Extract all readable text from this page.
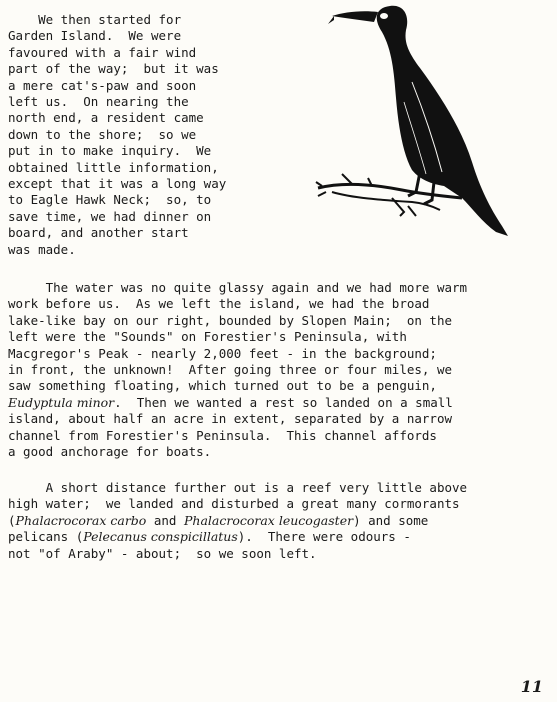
We then started for
Garden Island.  We were
favoured with a fair wind
part of the way;  but it was
a mere cat's-paw and soon
left us.  On nearing the
north end, a resident came
down to the shore;  so we
put in to make inquiry.  We
obtained little information,
except that it was a long way
to Eagle Hawk Neck;  so, to
save time, we had dinner on
board, and another start
was made.
The water was no quite glassy again and we had more warm
work before us.  As we left the island, we had the broad
lake-like bay on our right, bounded by Slopen Main;  on the
left were the "Sounds" on Forestier's Peninsula, with
Macgregor's Peak - nearly 2,000 feet - in the background;
in front, the unknown!  After going three or four miles, we
saw something floating, which turned out to be a penguin,
Eudyptula minor.  Then we wanted a rest so landed on a small
island, about half an acre in extent, separated by a narrow
channel from Forestier's Peninsula.  This channel affords
a good anchorage for boats.
A short distance further out is a reef very little above
high water;  we landed and disturbed a great many cormorants
(Phalacrocorax carbo and Phalacrocorax leucogaster) and some
pelicans (Pelecanus conspicillatus).  There were odours -
not "of Araby" - about;  so we soon left.
11
